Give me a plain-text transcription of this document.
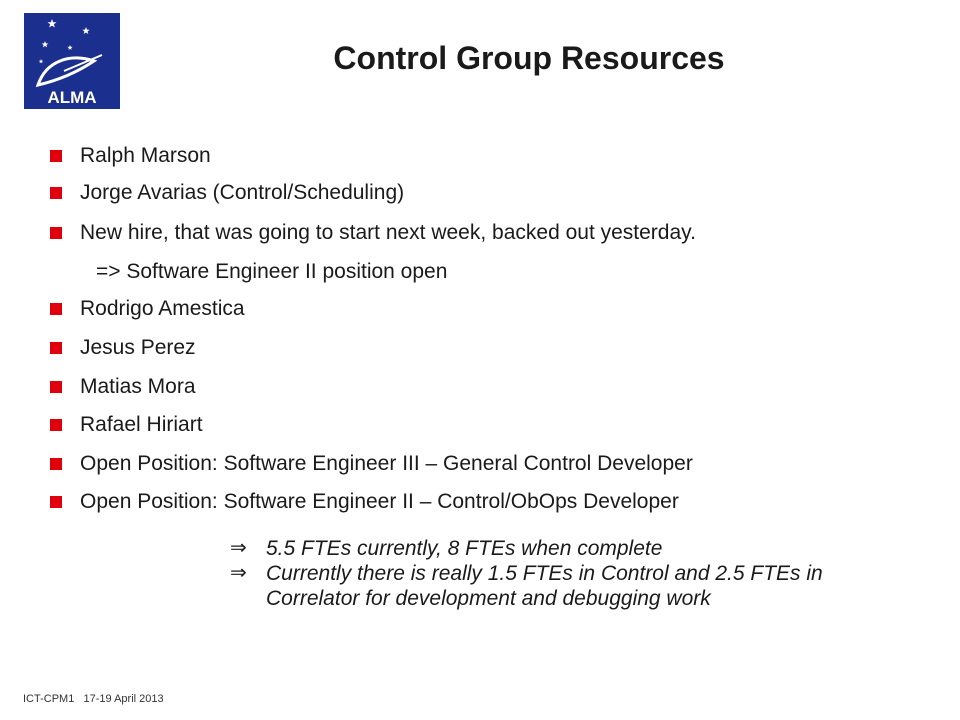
ALMA
Control Group Resources
Ralph Marson
Jorge Avarias (Control/Scheduling)
New hire, that was going to start next week, backed out yesterday.
=> Software Engineer II position open
Rodrigo Amestica
Jesus Perez
Matias Mora
Rafael Hiriart
Open Position: Software Engineer III – General Control Developer
Open Position: Software Engineer II – Control/ObOps Developer
⇒ 5.5 FTEs currently, 8 FTEs when complete
⇒ Currently there is really 1.5 FTEs in Control and 2.5 FTEs in Correlator for development and debugging work
ICT-CPM1 17-19 April 2013
